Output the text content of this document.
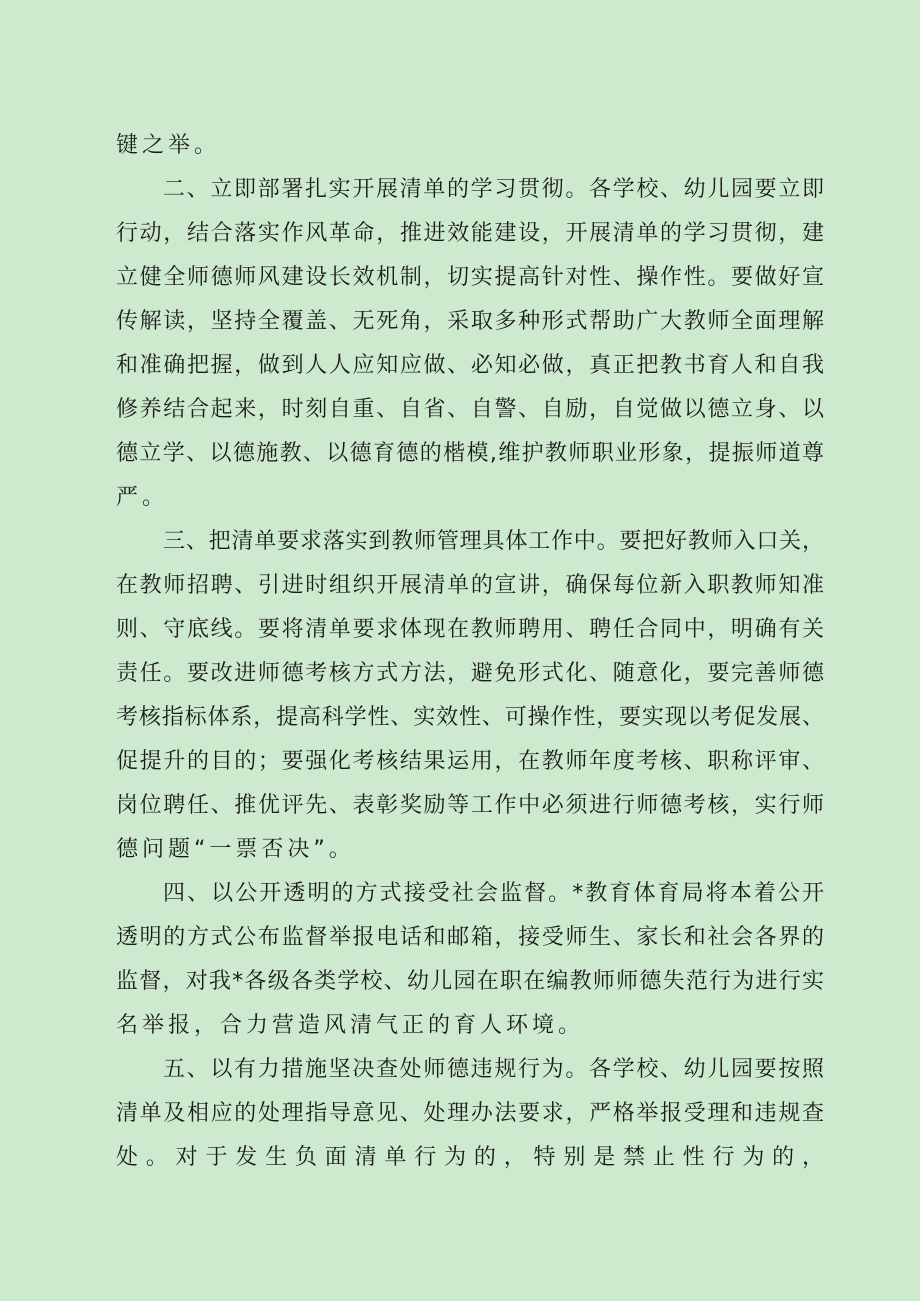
键之举。
二、立即部署扎实开展清单的学习贯彻。各学校、幼儿园要立即
行动，结合落实作风革命，推进效能建设，开展清单的学习贯彻，建
立健全师德师风建设长效机制，切实提高针对性、操作性。要做好宣
传解读，坚持全覆盖、无死角，采取多种形式帮助广大教师全面理解
和准确把握，做到人人应知应做、必知必做，真正把教书育人和自我
修养结合起来，时刻自重、自省、自警、自励，自觉做以德立身、以
德立学、以德施教、以德育德的楷模,维护教师职业形象，提振师道尊
严。
三、把清单要求落实到教师管理具体工作中。要把好教师入口关，
在教师招聘、引进时组织开展清单的宣讲，确保每位新入职教师知准
则、守底线。要将清单要求体现在教师聘用、聘任合同中，明确有关
责任。要改进师德考核方式方法，避免形式化、随意化，要完善师德
考核指标体系，提高科学性、实效性、可操作性，要实现以考促发展、
促提升的目的；要强化考核结果运用，在教师年度考核、职称评审、
岗位聘任、推优评先、表彰奖励等工作中必须进行师德考核，实行师
德问题“一票否决”。
四、以公开透明的方式接受社会监督。*教育体育局将本着公开
透明的方式公布监督举报电话和邮箱，接受师生、家长和社会各界的
监督，对我*各级各类学校、幼儿园在职在编教师师德失范行为进行实
名举报，合力营造风清气正的育人环境。
五、以有力措施坚决查处师德违规行为。各学校、幼儿园要按照
清单及相应的处理指导意见、处理办法要求，严格举报受理和违规查
处。对于发生负面清单行为的，特别是禁止性行为的，
